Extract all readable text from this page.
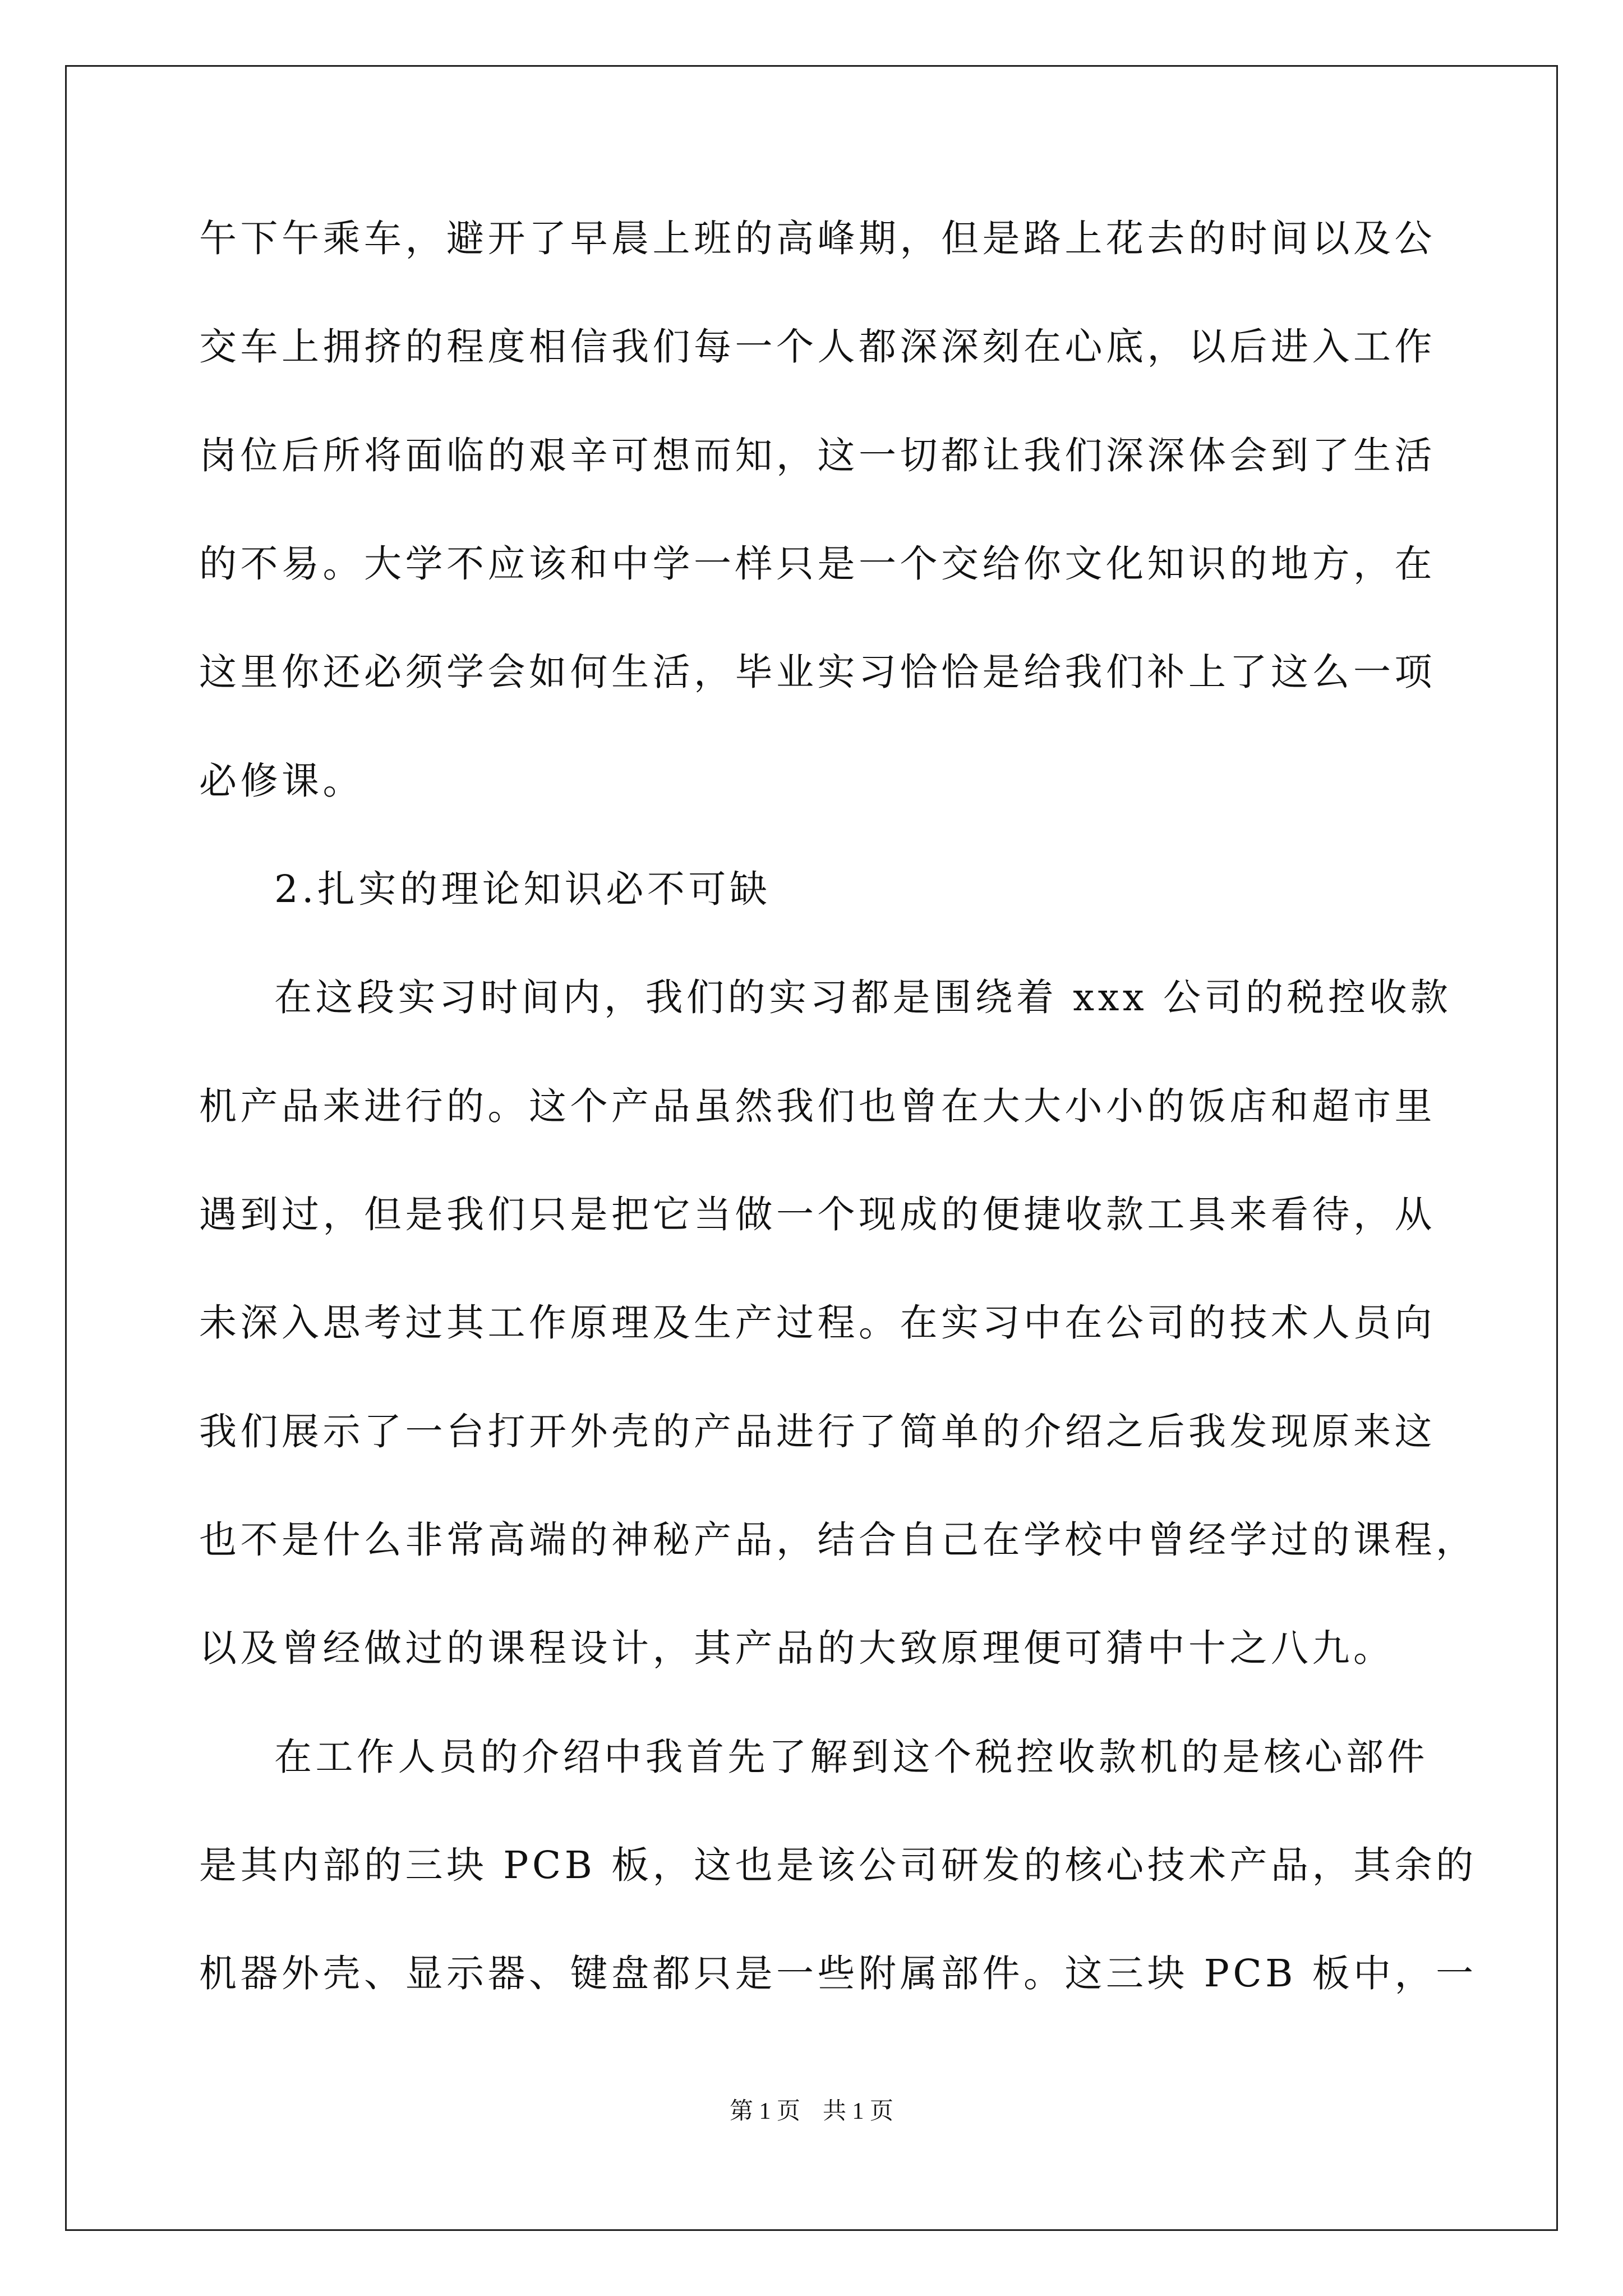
午下午乘车，避开了早晨上班的高峰期，但是路上花去的时间以及公
交车上拥挤的程度相信我们每一个人都深深刻在心底，以后进入工作
岗位后所将面临的艰辛可想而知，这一切都让我们深深体会到了生活
的不易。大学不应该和中学一样只是一个交给你文化知识的地方，在
这里你还必须学会如何生活，毕业实习恰恰是给我们补上了这么一项
必修课。
2.扎实的理论知识必不可缺
在这段实习时间内，我们的实习都是围绕着 xxx 公司的税控收款
机产品来进行的。这个产品虽然我们也曾在大大小小的饭店和超市里
遇到过，但是我们只是把它当做一个现成的便捷收款工具来看待，从
未深入思考过其工作原理及生产过程。在实习中在公司的技术人员向
我们展示了一台打开外壳的产品进行了简单的介绍之后我发现原来这
也不是什么非常高端的神秘产品，结合自己在学校中曾经学过的课程，
以及曾经做过的课程设计，其产品的大致原理便可猜中十之八九。
在工作人员的介绍中我首先了解到这个税控收款机的是核心部件
是其内部的三块 PCB 板，这也是该公司研发的核心技术产品，其余的
机器外壳、显示器、键盘都只是一些附属部件。这三块 PCB 板中，一
第 1 页 共 1 页
